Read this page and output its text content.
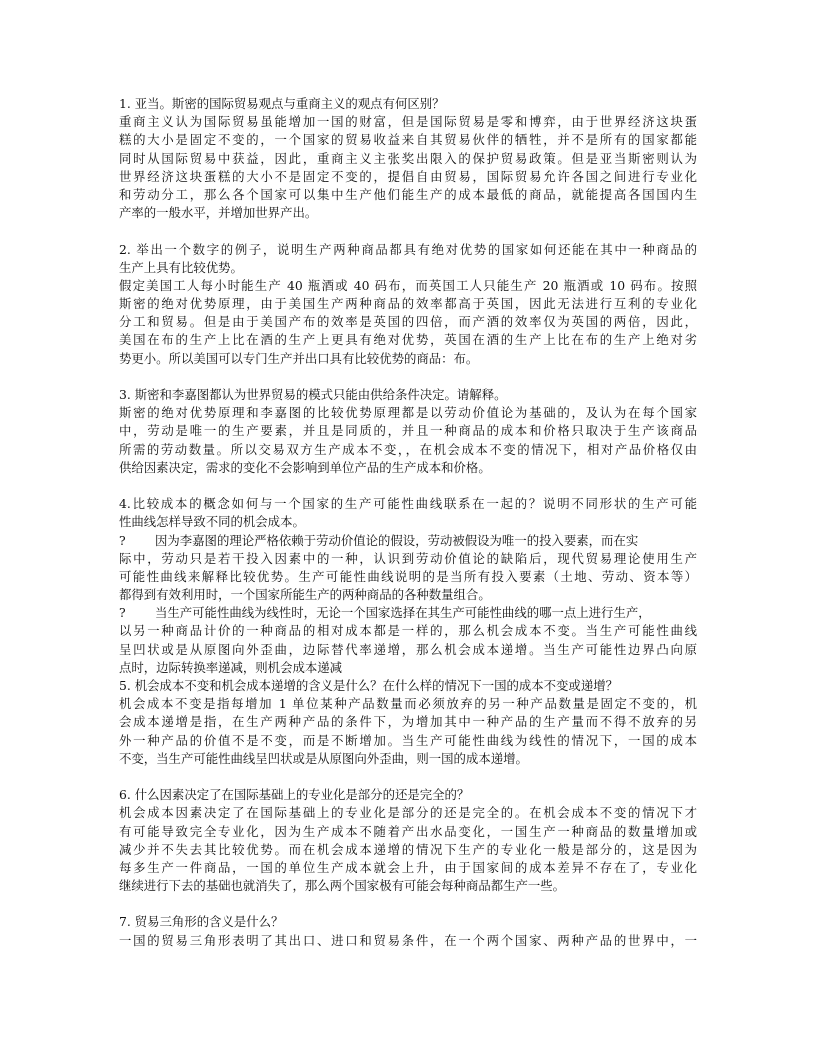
1. 亚当。斯密的国际贸易观点与重商主义的观点有何区别？
重商主义认为国际贸易虽能增加一国的财富，但是国际贸易是零和博弈，由于世界经济这块蛋
糕的大小是固定不变的，一个国家的贸易收益来自其贸易伙伴的牺牲，并不是所有的国家都能
同时从国际贸易中获益，因此，重商主义主张奖出限入的保护贸易政策。但是亚当斯密则认为
世界经济这块蛋糕的大小不是固定不变的，提倡自由贸易，国际贸易允许各国之间进行专业化
和劳动分工，那么各个国家可以集中生产他们能生产的成本最低的商品，就能提高各国国内生
产率的一般水平，并增加世界产出。
2. 举出一个数字的例子，说明生产两种商品都具有绝对优势的国家如何还能在其中一种商品的
生产上具有比较优势。
假定美国工人每小时能生产 40 瓶酒或 40 码布，而英国工人只能生产 20 瓶酒或 10 码布。按照
斯密的绝对优势原理，由于美国生产两种商品的效率都高于英国，因此无法进行互利的专业化
分工和贸易。但是由于美国产布的效率是英国的四倍，而产酒的效率仅为英国的两倍，因此，
美国在布的生产上比在酒的生产上更具有绝对优势，英国在酒的生产上比在布的生产上绝对劣
势更小。所以美国可以专门生产并出口具有比较优势的商品：布。
3. 斯密和李嘉图都认为世界贸易的模式只能由供给条件决定。请解释。
斯密的绝对优势原理和李嘉图的比较优势原理都是以劳动价值论为基础的，及认为在每个国家
中，劳动是唯一的生产要素，并且是同质的，并且一种商品的成本和价格只取决于生产该商品
所需的劳动数量。所以交易双方生产成本不变，，在机会成本不变的情况下，相对产品价格仅由
供给因素决定，需求的变化不会影响到单位产品的生产成本和价格。
4.比较成本的概念如何与一个国家的生产可能性曲线联系在一起的？说明不同形状的生产可能
性曲线怎样导致不同的机会成本。
? 因为李嘉图的理论严格依赖于劳动价值论的假设，劳动被假设为唯一的投入要素，而在实
际中，劳动只是若干投入因素中的一种，认识到劳动价值论的缺陷后，现代贸易理论使用生产
可能性曲线来解释比较优势。生产可能性曲线说明的是当所有投入要素（土地、劳动、资本等）
都得到有效利用时，一个国家所能生产的两种商品的各种数量组合。
? 当生产可能性曲线为线性时，无论一个国家选择在其生产可能性曲线的哪一点上进行生产，
以另一种商品计价的一种商品的相对成本都是一样的，那么机会成本不变。当生产可能性曲线
呈凹状或是从原图向外歪曲，边际替代率递增，那么机会成本递增。当生产可能性边界凸向原
点时，边际转换率递减，则机会成本递减
5. 机会成本不变和机会成本递增的含义是什么？在什么样的情况下一国的成本不变或递增？
机会成本不变是指每增加 1 单位某种产品数量而必须放弃的另一种产品数量是固定不变的，机
会成本递增是指，在生产两种产品的条件下，为增加其中一种产品的生产量而不得不放弃的另
外一种产品的价值不是不变，而是不断增加。当生产可能性曲线为线性的情况下，一国的成本
不变，当生产可能性曲线呈凹状或是从原图向外歪曲，则一国的成本递增。
6. 什么因素决定了在国际基础上的专业化是部分的还是完全的？
机会成本因素决定了在国际基础上的专业化是部分的还是完全的。在机会成本不变的情况下才
有可能导致完全专业化，因为生产成本不随着产出水品变化，一国生产一种商品的数量增加或
减少并不失去其比较优势。而在机会成本递增的情况下生产的专业化一般是部分的，这是因为
每多生产一件商品，一国的单位生产成本就会上升，由于国家间的成本差异不存在了，专业化
继续进行下去的基础也就消失了，那么两个国家极有可能会每种商品都生产一些。
7. 贸易三角形的含义是什么？
一国的贸易三角形表明了其出口、进口和贸易条件，在一个两个国家、两种产品的世界中，一
